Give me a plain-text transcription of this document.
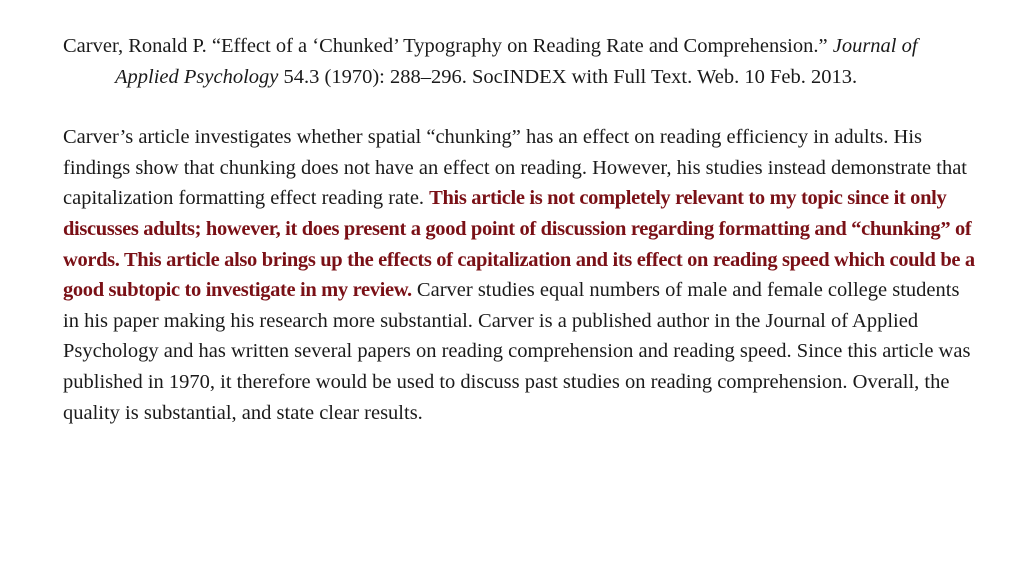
Carver, Ronald P. “Effect of a ‘Chunked’ Typography on Reading Rate and Comprehension.” Journal of Applied Psychology 54.3 (1970): 288–296. SocINDEX with Full Text. Web. 10 Feb. 2013.

Carver’s article investigates whether spatial “chunking” has an effect on reading efficiency in adults. His findings show that chunking does not have an effect on reading. However, his studies instead demonstrate that capitalization formatting effect reading rate. This article is not completely relevant to my topic since it only discusses adults; however, it does present a good point of discussion regarding formatting and “chunking” of words. This article also brings up the effects of capitalization and its effect on reading speed which could be a good subtopic to investigate in my review. Carver studies equal numbers of male and female college students in his paper making his research more substantial. Carver is a published author in the Journal of Applied Psychology and has written several papers on reading comprehension and reading speed. Since this article was published in 1970, it therefore would be used to discuss past studies on reading comprehension. Overall, the quality is substantial, and state clear results.
